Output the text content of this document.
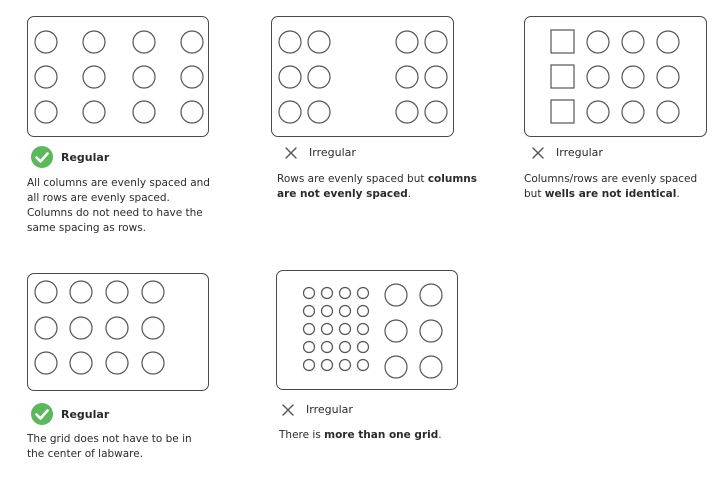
Regular
All columns are evenly spaced and all rows are evenly spaced. Columns do not need to have the same spacing as rows.
Irregular
Rows are evenly spaced but columns are not evenly spaced.
Irregular
Columns/rows are evenly spaced but wells are not identical.
Regular
The grid does not have to be in the center of labware.
Irregular
There is more than one grid.
